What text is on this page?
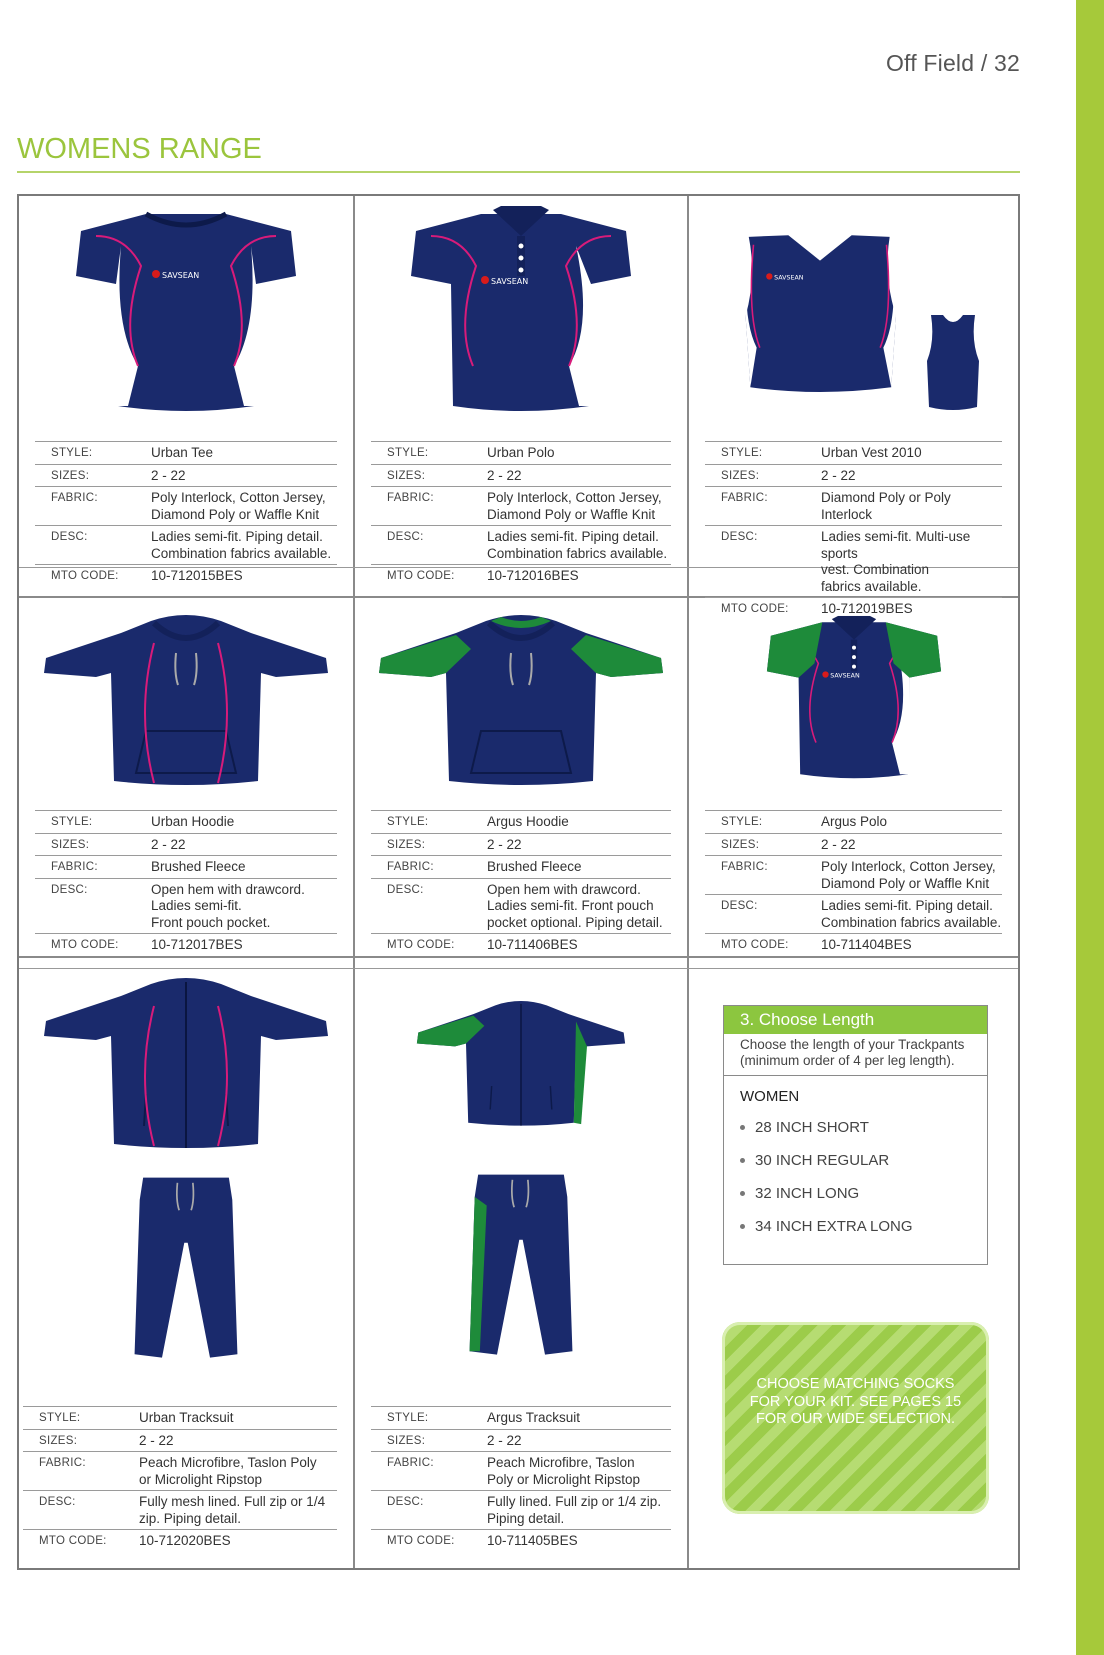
Off Field / 32
WOMENS RANGE
STYLE:	Urban Tee
SIZES:	2 - 22
FABRIC:	Poly Interlock, Cotton Jersey,
Diamond Poly or Waffle Knit
DESC:	Ladies semi-fit. Piping detail.
Combination fabrics available.
MTO CODE:	10-712015BES
STYLE:	Urban Polo
SIZES:	2 - 22
FABRIC:	Poly Interlock, Cotton Jersey,
Diamond Poly or Waffle Knit
DESC:	Ladies semi-fit. Piping detail.
Combination fabrics available.
MTO CODE:	10-712016BES
STYLE:	Urban Vest 2010
SIZES:	2 - 22
FABRIC:	Diamond Poly or Poly Interlock
DESC:	Ladies semi-fit. Multi-use sports
vest. Combination
fabrics available.
MTO CODE:	10-712019BES
STYLE:	Urban Hoodie
SIZES:	2 - 22
FABRIC:	Brushed Fleece
DESC:	Open hem with drawcord.
Ladies semi-fit.
Front pouch pocket.
MTO CODE:	10-712017BES
STYLE:	Argus Hoodie
SIZES:	2 - 22
FABRIC:	Brushed Fleece
DESC:	Open hem with drawcord.
Ladies semi-fit. Front pouch
pocket optional. Piping detail.
MTO CODE:	10-711406BES
STYLE:	Argus Polo
SIZES:	2 - 22
FABRIC:	Poly Interlock, Cotton Jersey,
Diamond Poly or Waffle Knit
DESC:	Ladies semi-fit. Piping detail.
Combination fabrics available.
MTO CODE:	10-711404BES
STYLE:	Urban Tracksuit
SIZES:	2 - 22
FABRIC:	Peach Microfibre, Taslon Poly
or Microlight Ripstop
DESC:	Fully mesh lined. Full zip or 1/4
zip. Piping detail.
MTO CODE:	10-712020BES
STYLE:	Argus Tracksuit
SIZES:	2 - 22
FABRIC:	Peach Microfibre, Taslon
Poly or Microlight Ripstop
DESC:	Fully lined. Full zip or 1/4 zip.
Piping detail.
MTO CODE:	10-711405BES
3. Choose Length
Choose the length of your Trackpants (minimum order of 4 per leg length).
WOMEN
28 INCH SHORT
30 INCH REGULAR
32 INCH LONG
34 INCH EXTRA LONG
CHOOSE MATCHING SOCKS FOR YOUR KIT. SEE PAGES 15 FOR OUR WIDE SELECTION.
